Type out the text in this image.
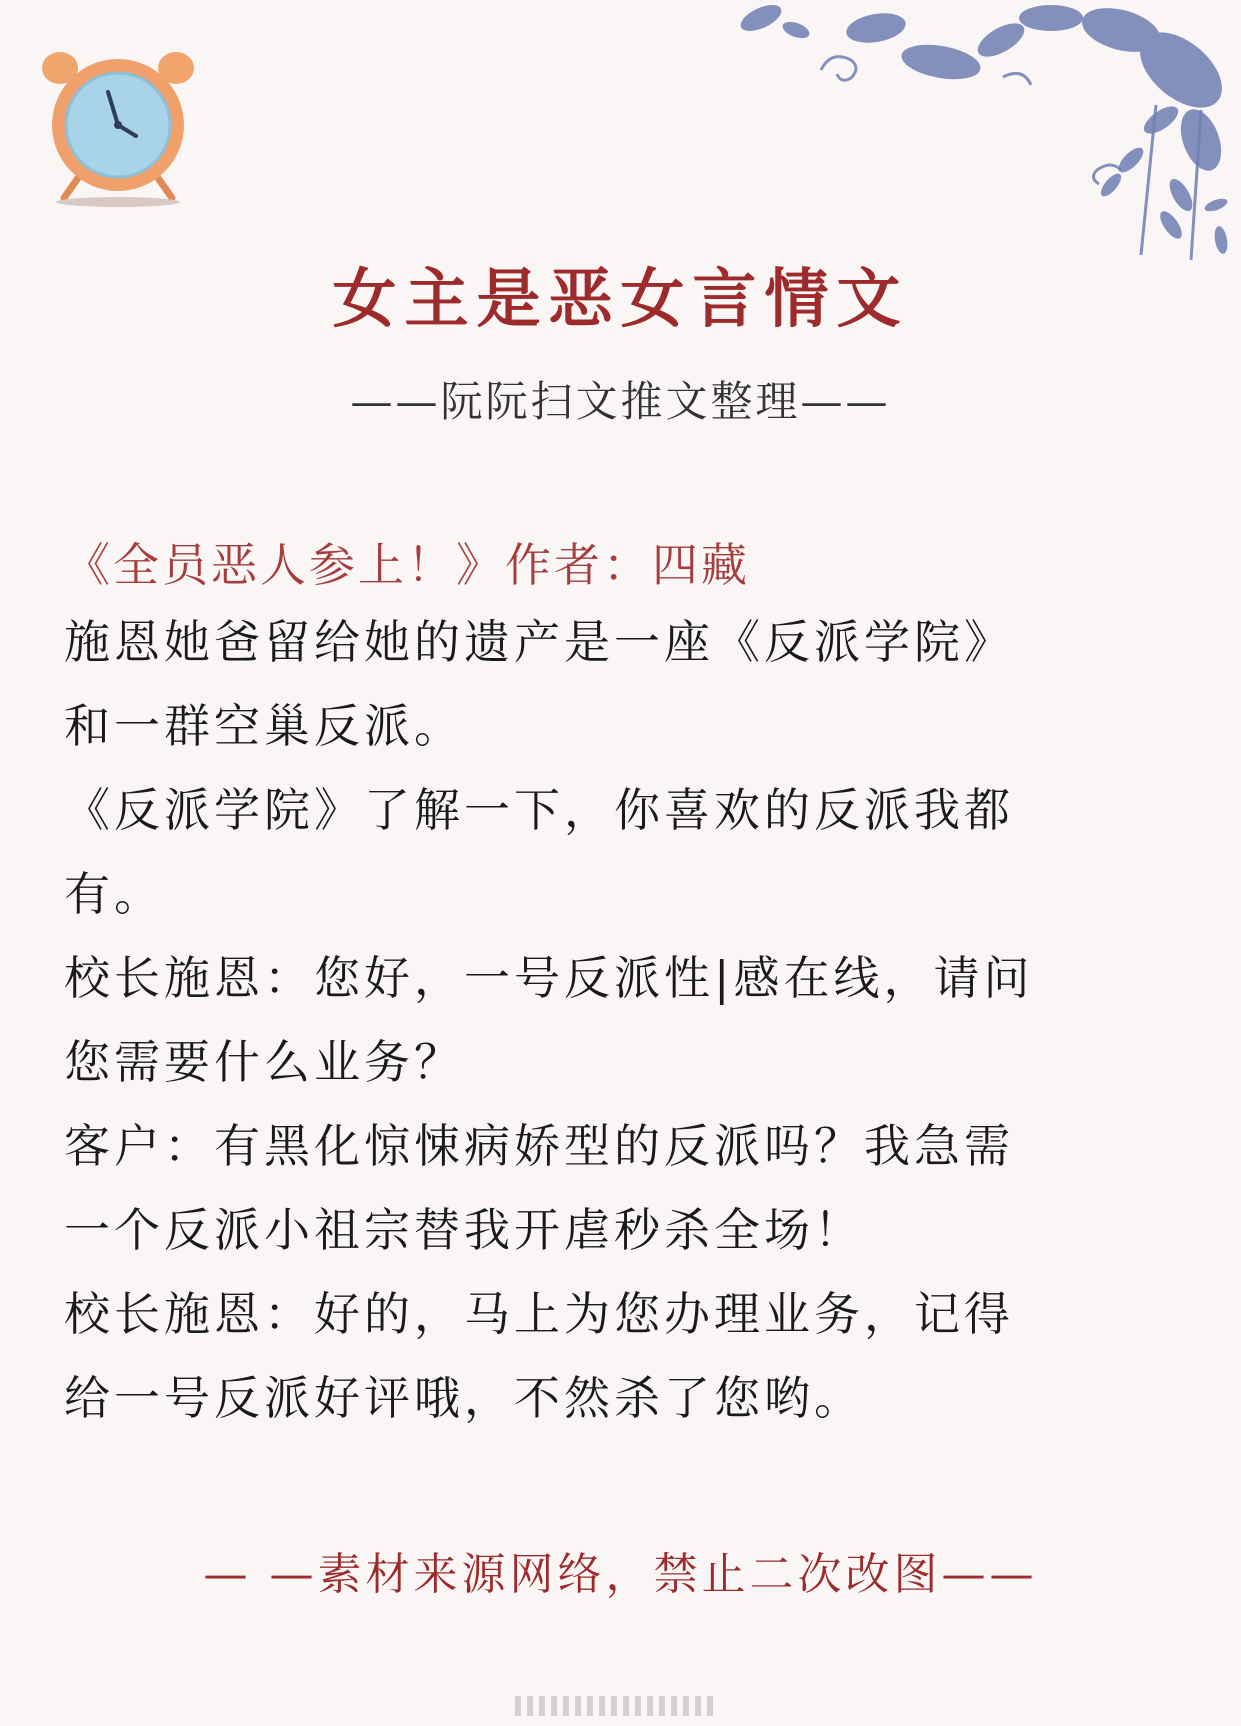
女主是恶女言情文
——阮阮扫文推文整理——
《全员恶人参上！》作者：四藏
施恩她爸留给她的遗产是一座《反派学院》
和一群空巢反派。
《反派学院》了解一下，你喜欢的反派我都
有。
校长施恩：您好，一号反派性|感在线，请问
您需要什么业务？
客户：有黑化惊悚病娇型的反派吗？我急需
一个反派小祖宗替我开虐秒杀全场！
校长施恩：好的，马上为您办理业务，记得
给一号反派好评哦，不然杀了您哟。
— —素材来源网络，禁止二次改图——
